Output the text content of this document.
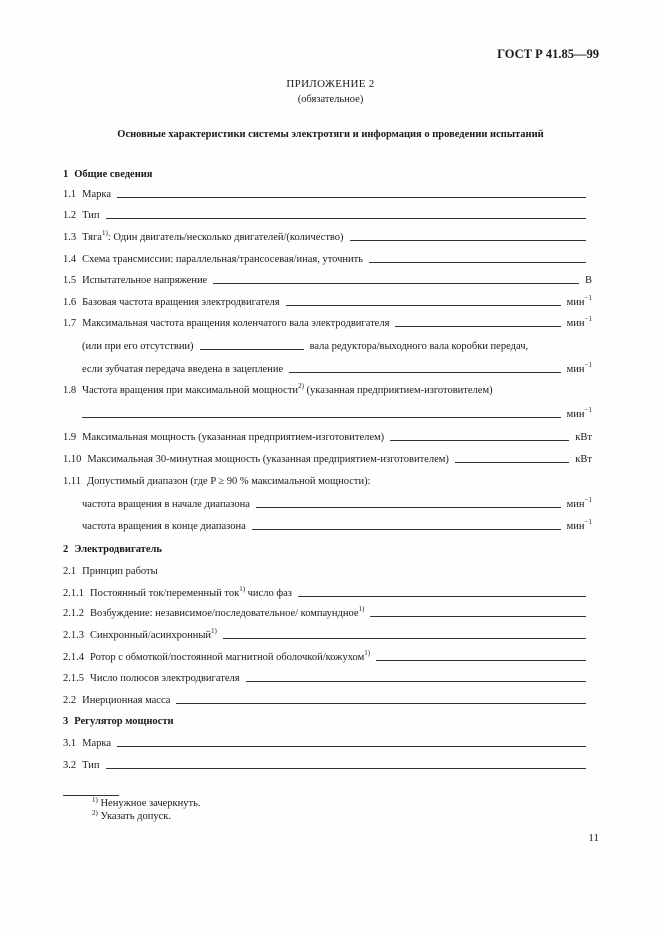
ГОСТ Р 41.85—99
ПРИЛОЖЕНИЕ 2
(обязательное)
Основные характеристики системы электротяги и информация о проведении испытаний
1 Общие сведения
1.1 Марка
1.2 Тип
1.3 Тяга$^{1)}$: Один двигатель/несколько двигателей/(количество)
1.4 Схема трансмиссии: параллельная/трансосевая/иная, уточнить
1.5 Испытательное напряжение	В
1.6 Базовая частота вращения электродвигателя	мин$^{-1}$
1.7 Максимальная частота вращения коленчатого вала электродвигателя	мин$^{-1}$
(или при его отсутствии)	вала редуктора/выходного вала коробки передач,
если зубчатая передача введена в зацепление	мин$^{-1}$
1.8 Частота вращения при максимальной мощности$^{2)}$ (указанная предприятием-изготовителем)
мин$^{-1}$
1.9 Максимальная мощность (указанная предприятием-изготовителем)	кВт
1.10 Максимальная 30-минутная мощность (указанная предприятием-изготовителем)	кВт
1.11 Допустимый диапазон (где P ≥ 90 % максимальной мощности):
частота вращения в начале диапазона	мин$^{-1}$
частота вращения в конце диапазона	мин$^{-1}$
2 Электродвигатель
2.1 Принцип работы
2.1.1 Постоянный ток/переменный ток$^{1)}$ число фаз
2.1.2 Возбуждение: независимое/последовательное/ компаундное$^{1)}$
2.1.3 Синхронный/асинхронный$^{1)}$
2.1.4 Ротор с обмоткой/постоянной магнитной оболочкой/кожухом$^{1)}$
2.1.5 Число полюсов электродвигателя
2.2 Инерционная масса
3 Регулятор мощности
3.1 Марка
3.2 Тип
$^{1)}$ Ненужное зачеркнуть.
$^{2)}$ Указать допуск.
11
